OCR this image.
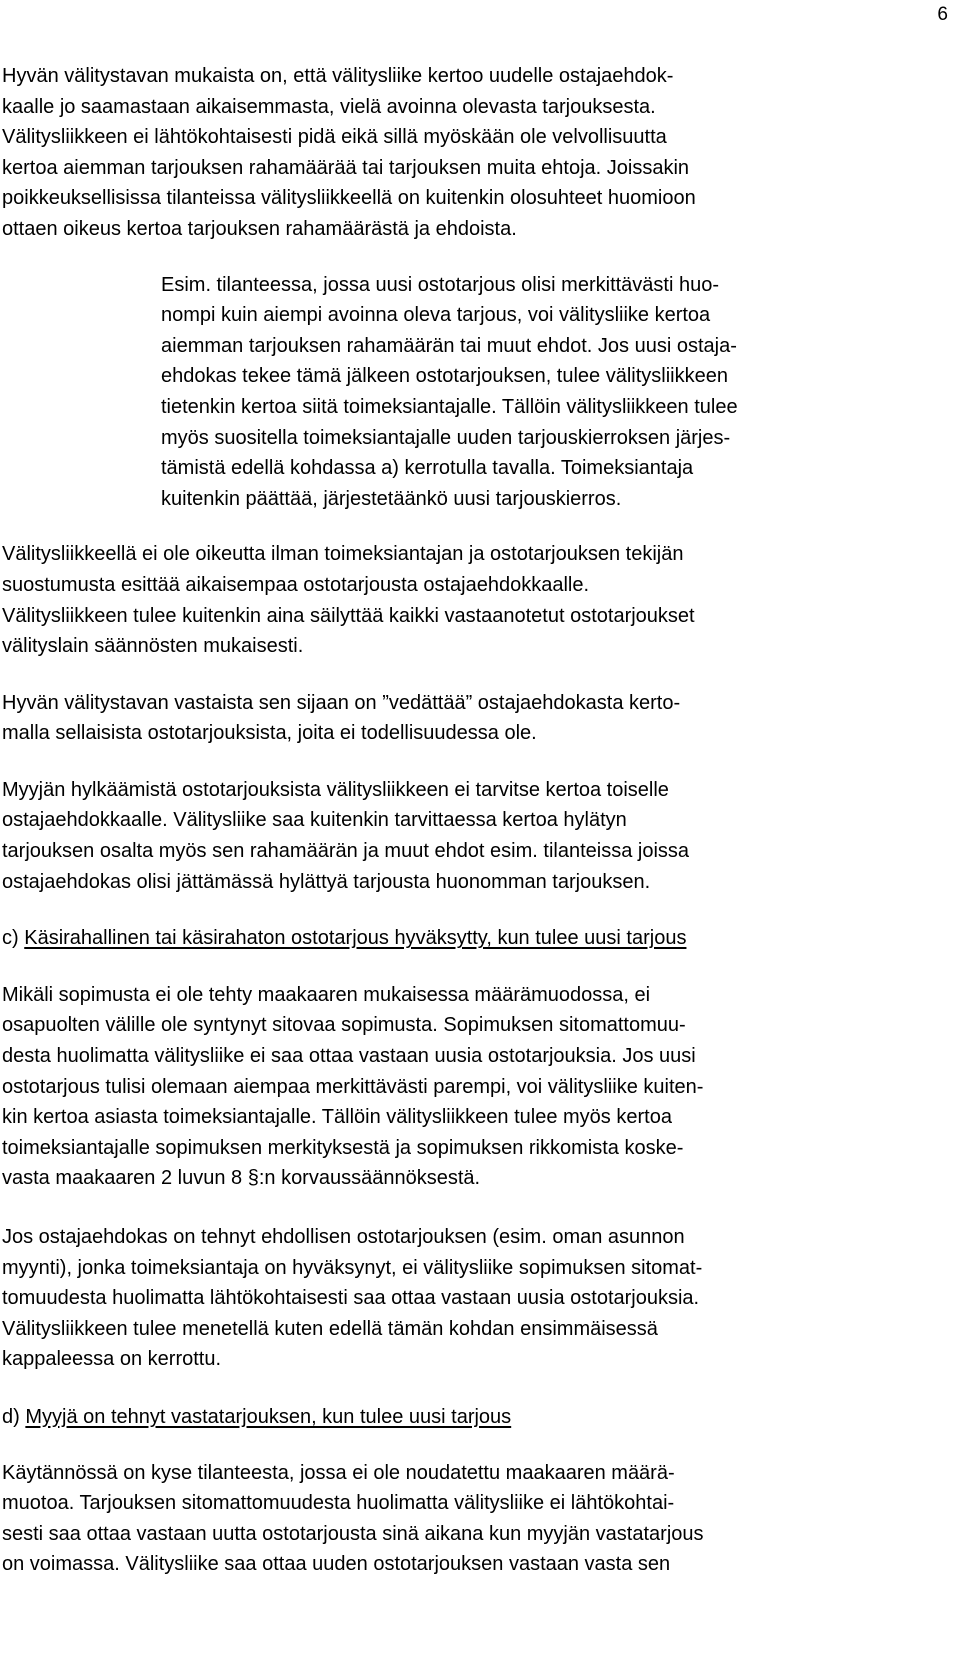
6

Hyvän välitystavan mukaista on, että välitysliike kertoo uudelle ostajaehdok-
kaalle jo saamastaan aikaisemmasta, vielä avoinna olevasta tarjouksesta.
Välitysliikkeen ei lähtökohtaisesti pidä eikä sillä myöskään ole velvollisuutta
kertoa aiemman tarjouksen rahamäärää tai tarjouksen muita ehtoja. Joissakin
poikkeuksellisissa tilanteissa välitysliikkeellä on kuitenkin olosuhteet huomioon
ottaen oikeus kertoa tarjouksen rahamäärästä ja ehdoista.

Esim. tilanteessa, jossa uusi ostotarjous olisi merkittävästi huo-
nompi kuin aiempi avoinna oleva tarjous, voi välitysliike kertoa
aiemman tarjouksen rahamäärän tai muut ehdot. Jos uusi ostaja-
ehdokas tekee tämä jälkeen ostotarjouksen, tulee välitysliikkeen
tietenkin kertoa siitä toimeksiantajalle. Tällöin välitysliikkeen tulee
myös suositella toimeksiantajalle uuden tarjouskierroksen järjes-
tämistä edellä kohdassa a) kerrotulla tavalla. Toimeksiantaja
kuitenkin päättää, järjestetäänkö uusi tarjouskierros.

Välitysliikkeellä ei ole oikeutta ilman toimeksiantajan ja ostotarjouksen tekijän
suostumusta esittää aikaisempaa ostotarjousta ostajaehdokkaalle.
Välitysliikkeen tulee kuitenkin aina säilyttää kaikki vastaanotetut ostotarjoukset
välityslain säännösten mukaisesti.

Hyvän välitystavan vastaista sen sijaan on ”vedättää” ostajaehdokasta kerto-
malla sellaisista ostotarjouksista, joita ei todellisuudessa ole.

Myyjän hylkäämistä ostotarjouksista välitysliikkeen ei tarvitse kertoa toiselle
ostajaehdokkaalle. Välitysliike saa kuitenkin tarvittaessa kertoa hylätyn
tarjouksen osalta myös sen rahamäärän ja muut ehdot esim. tilanteissa joissa
ostajaehdokas olisi jättämässä hylättyä tarjousta huonomman tarjouksen.

c) Käsirahallinen tai käsirahaton ostotarjous hyväksytty, kun tulee uusi tarjous

Mikäli sopimusta ei ole tehty maakaaren mukaisessa määrämuodossa, ei
osapuolten välille ole syntynyt sitovaa sopimusta. Sopimuksen sitomattomuu-
desta huolimatta välitysliike ei saa ottaa vastaan uusia ostotarjouksia. Jos uusi
ostotarjous tulisi olemaan aiempaa merkittävästi parempi, voi välitysliike kuiten-
kin kertoa asiasta toimeksiantajalle. Tällöin välitysliikkeen tulee myös kertoa
toimeksiantajalle sopimuksen merkityksestä ja sopimuksen rikkomista koske-
vasta maakaaren 2 luvun 8 §:n korvaussäännöksestä.

Jos ostajaehdokas on tehnyt ehdollisen ostotarjouksen (esim. oman asunnon
myynti), jonka toimeksiantaja on hyväksynyt, ei välitysliike sopimuksen sitomat-
tomuudesta huolimatta lähtökohtaisesti saa ottaa vastaan uusia ostotarjouksia.
Välitysliikkeen tulee menetellä kuten edellä tämän kohdan ensimmäisessä
kappaleessa on kerrottu.

d) Myyjä on tehnyt vastatarjouksen, kun tulee uusi tarjous

Käytännössä on kyse tilanteesta, jossa ei ole noudatettu maakaaren määrä-
muotoa. Tarjouksen sitomattomuudesta huolimatta välitysliike ei lähtökohtai-
sesti saa ottaa vastaan uutta ostotarjousta sinä aikana kun myyjän vastatarjous
on voimassa. Välitysliike saa ottaa uuden ostotarjouksen vastaan vasta sen
